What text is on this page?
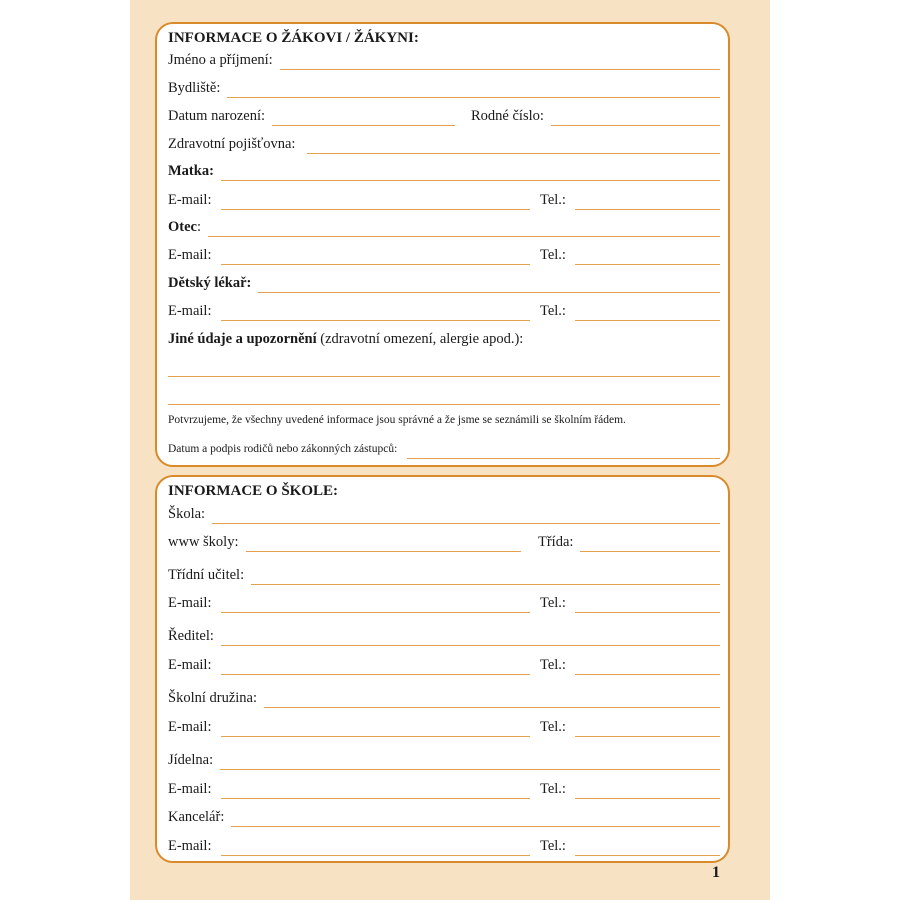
INFORMACE O ŽÁKOVI / ŽÁKYNI:
Jméno a příjmení:
Bydliště:
Datum narození:	Rodné číslo:
Zdravotní pojišťovna:
Matka:
E-mail:	Tel.:
Otec:
E-mail:	Tel.:
Dětský lékař:
E-mail:	Tel.:
Jiné údaje a upozornění (zdravotní omezení, alergie apod.):
Potvrzujeme, že všechny uvedené informace jsou správné a že jsme se seznámili se školním řádem.
Datum a podpis rodičů nebo zákonných zástupců:
INFORMACE O ŠKOLE:
Škola:
www školy:	Třída:
Třídní učitel:
E-mail:	Tel.:
Ředitel:
E-mail:	Tel.:
Školní družina:
E-mail:	Tel.:
Jídelna:
E-mail:	Tel.:
Kancelář:
E-mail:	Tel.:
1
